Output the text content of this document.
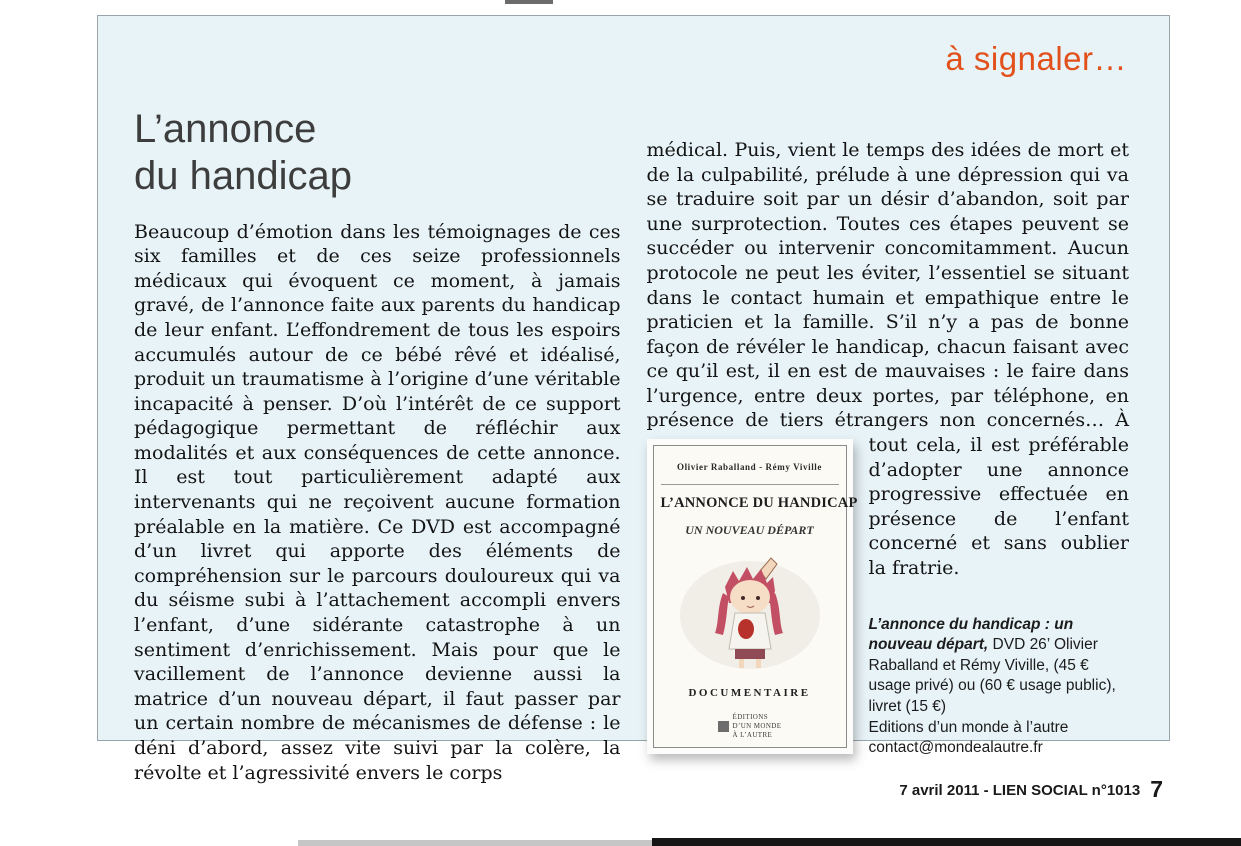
à signaler…
L’annonce
du handicap

Beaucoup d’émotion dans les témoignages de ces six familles et de ces seize professionnels médicaux qui évoquent ce moment, à jamais gravé, de l’annonce faite aux parents du handicap de leur enfant. L’effondrement de tous les espoirs accumulés autour de ce bébé rêvé et idéalisé, produit un traumatisme à l’origine d’une véritable incapacité à penser. D’où l’intérêt de ce support pédagogique permettant de réfléchir aux modalités et aux conséquences de cette annonce. Il est tout particulièrement adapté aux intervenants qui ne reçoivent aucune formation préalable en la matière. Ce DVD est accompagné d’un livret qui apporte des éléments de compréhension sur le parcours douloureux qui va du séisme subi à l’attachement accompli envers l’enfant, d’une sidérante catastrophe à un sentiment d’enrichissement. Mais pour que le vacillement de l’annonce devienne aussi la matrice d’un nouveau départ, il faut passer par un certain nombre de mécanismes de défense : le déni d’abord, assez vite suivi par la colère, la révolte et l’agressivité envers le corps

médical. Puis, vient le temps des idées de mort et de la culpabilité, prélude à une dépression qui va se traduire soit par un désir d’abandon, soit par une surprotection. Toutes ces étapes peuvent se succéder ou intervenir concomitamment. Aucun protocole ne peut les éviter, l’essentiel se situant dans le contact humain et empathique entre le praticien et la famille. S’il n’y a pas de bonne façon de révéler le handicap, chacun faisant avec ce qu’il est, il en est de mauvaises : le faire dans l’urgence, entre deux portes, par téléphone, en présence de tiers étrangers non concernés… À tout
Olivier Raballand - Rémy Viville
L’ANNONCE DU HANDICAP
UN NOUVEAU DÉPART
DOCUMENTAIRE
ÉDITIONS
D’UN MONDE
À L’AUTRE
cela, il est préférable d’adopter une annonce progressive effectuée en présence de l’enfant concerné et sans oublier la fratrie.

L’annonce du handicap : un nouveau départ, DVD 26’ Olivier Raballand et Rémy Viville, (45 € usage privé) ou (60 € usage public), livret (15 €)
Editions d’un monde à l’autre
contact@mondealautre.fr

7 avril 2011 - LIEN SOCIAL n°1013 7
